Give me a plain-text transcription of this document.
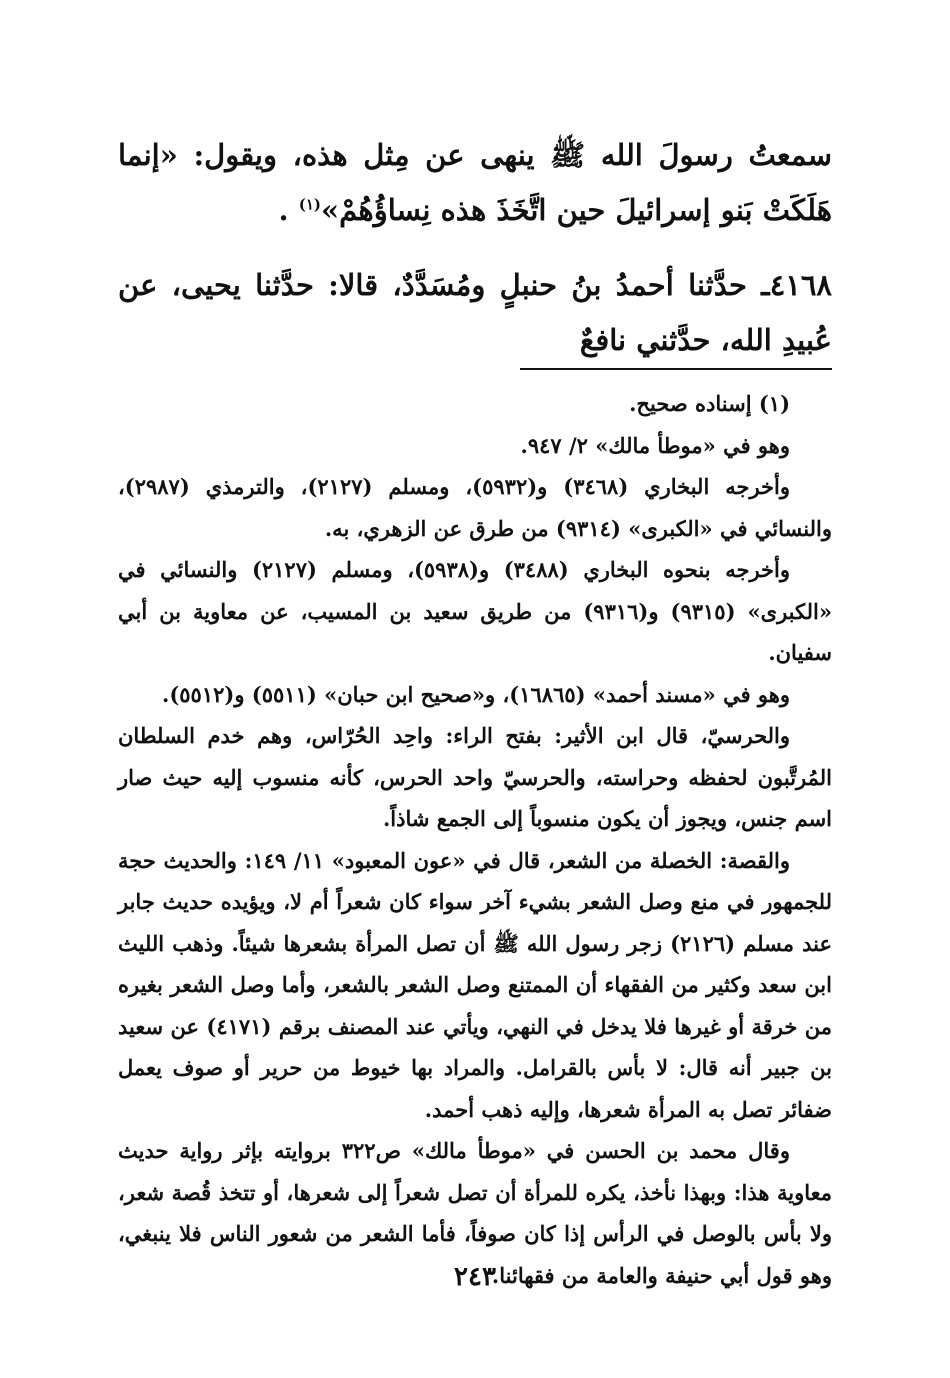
سمعتُ رسولَ الله ﷺ ينهى عن مِثل هذه، ويقول: «إنما هَلَكَتْ بَنو إسرائيلَ حين اتَّخَذَ هذه نِساؤُهُمْ»$^{(١)}$ .

٤١٦٨ـ حدَّثنا أحمدُ بنُ حنبلٍ ومُسَدَّدٌ، قالا: حدَّثنا يحيى، عن عُبيدِ الله، حدَّثني نافعٌ

(١) إسناده صحيح.

وهو في «موطأ مالك» ٢/ ٩٤٧.

وأخرجه البخاري (٣٤٦٨) و(٥٩٣٢)، ومسلم (٢١٢٧)، والترمذي (٢٩٨٧)، والنسائي في «الكبرى» (٩٣١٤) من طرق عن الزهري، به.

وأخرجه بنحوه البخاري (٣٤٨٨) و(٥٩٣٨)، ومسلم (٢١٢٧) والنسائي في «الكبرى» (٩٣١٥) و(٩٣١٦) من طريق سعيد بن المسيب، عن معاوية بن أبي سفيان.

وهو في «مسند أحمد» (١٦٨٦٥)، و«صحيح ابن حبان» (٥٥١١) و(٥٥١٢).

والحرسيّ، قال ابن الأثير: بفتح الراء: واحِد الحُرّاس، وهم خدم السلطان المُرتَّبون لحفظه وحراسته، والحرسيّ واحد الحرس، كأنه منسوب إليه حيث صار اسم جنس، ويجوز أن يكون منسوباً إلى الجمع شاذاً.

والقصة: الخصلة من الشعر، قال في «عون المعبود» ١١/ ١٤٩: والحديث حجة للجمهور في منع وصل الشعر بشيء آخر سواء كان شعراً أم لا، ويؤيده حديث جابر عند مسلم (٢١٢٦) زجر رسول الله ﷺ أن تصل المرأة بشعرها شيئاً. وذهب الليث ابن سعد وكثير من الفقهاء أن الممتنع وصل الشعر بالشعر، وأما وصل الشعر بغيره من خرقة أو غيرها فلا يدخل في النهي، ويأتي عند المصنف برقم (٤١٧١) عن سعيد بن جبير أنه قال: لا بأس بالقرامل. والمراد بها خيوط من حرير أو صوف يعمل ضفائر تصل به المرأة شعرها، وإليه ذهب أحمد.

وقال محمد بن الحسن في «موطأ مالك» ص٣٢٢ بروايته بإثر رواية حديث معاوية هذا: وبهذا نأخذ، يكره للمرأة أن تصل شعراً إلى شعرها، أو تتخذ قُصة شعر، ولا بأس بالوصل في الرأس إذا كان صوفاً، فأما الشعر من شعور الناس فلا ينبغي، وهو قول أبي حنيفة والعامة من فقهائنا.

٢٤٣
